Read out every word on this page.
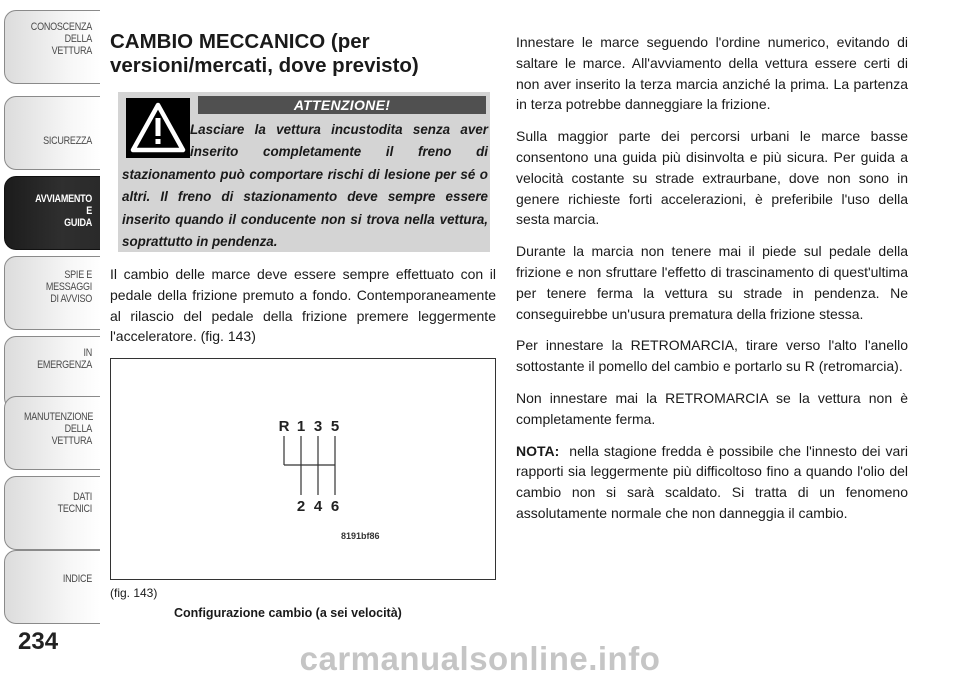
CONOSCENZA
DELLA
VETTURA
SICUREZZA
AVVIAMENTO
E
GUIDA
SPIE E
MESSAGGI
DI AVVISO
IN
EMERGENZA
MANUTENZIONE
DELLA
VETTURA
DATI
TECNICI
INDICE
234
CAMBIO MECCANICO (per versioni/mercati, dove previsto)
ATTENZIONE!

Lasciare la vettura incustodita senza aver inserito completamente il freno di stazionamento può comportare rischi di lesione per sé o altri. Il freno di stazionamento deve sempre essere inserito quando il conducente non si trova nella vettura, soprattutto in pendenza.

Il cambio delle marce deve essere sempre effettuato con il pedale della frizione premuto a fondo. Contemporaneamente al rilascio del pedale della frizione premere leggermente l'acceleratore. (fig. 143)

R 1 3 5
2 4 6
8191bf86
(fig. 143)
Configurazione cambio (a sei velocità)

Innestare le marce seguendo l'ordine numerico, evitando di saltare le marce. All'avviamento della vettura essere certi di non aver inserito la terza marcia anziché la prima. La partenza in terza potrebbe danneggiare la frizione.

Sulla maggior parte dei percorsi urbani le marce basse consentono una guida più disinvolta e più sicura. Per guida a velocità costante su strade extraurbane, dove non sono in genere richieste forti accelerazioni, è preferibile l'uso della sesta marcia.

Durante la marcia non tenere mai il piede sul pedale della frizione e non sfruttare l'effetto di trascinamento di quest'ultima per tenere ferma la vettura su strade in pendenza. Ne conseguirebbe un'usura prematura della frizione stessa.

Per innestare la RETROMARCIA, tirare verso l'alto l'anello sottostante il pomello del cambio e portarlo su R (retromarcia).

Non innestare mai la RETROMARCIA se la vettura non è completamente ferma.

NOTA: nella stagione fredda è possibile che l'innesto dei vari rapporti sia leggermente più difficoltoso fino a quando l'olio del cambio non si sarà scaldato. Si tratta di un fenomeno assolutamente normale che non danneggia il cambio.

carmanualsonline.info
